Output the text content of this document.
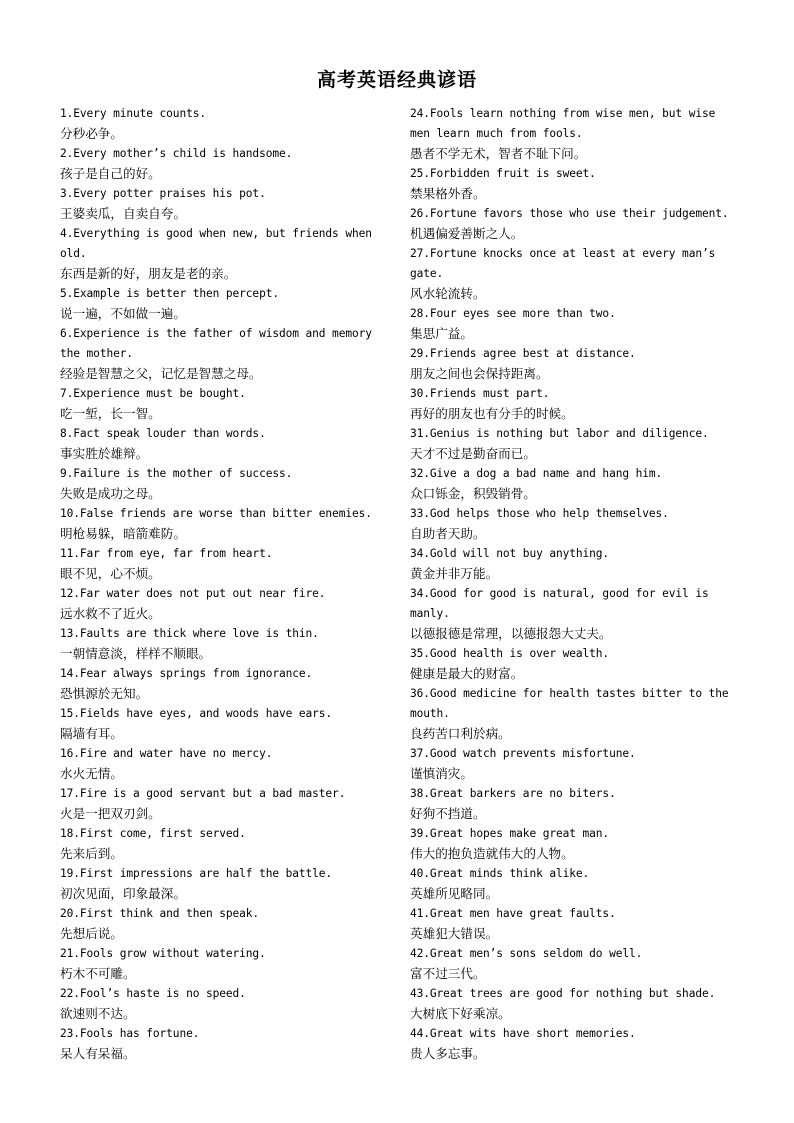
高考英语经典谚语
1.Every minute counts.
分秒必争。
2.Every mother’s child is handsome.
孩子是自己的好。
3.Every potter praises his pot.
王婆卖瓜，自卖自夸。
4.Everything is good when new, but friends when old.
东西是新的好，朋友是老的亲。
5.Example is better then percept.
说一遍，不如做一遍。
6.Experience is the father of wisdom and memory the mother.
经验是智慧之父，记忆是智慧之母。
7.Experience must be bought.
吃一堑，长一智。
8.Fact speak louder than words.
事实胜於雄辩。
9.Failure is the mother of success.
失败是成功之母。
10.False friends are worse than bitter enemies.
明枪易躲，暗箭难防。
11.Far from eye, far from heart.
眼不见，心不烦。
12.Far water does not put out near fire.
远水救不了近火。
13.Faults are thick where love is thin.
一朝情意淡，样样不顺眼。
14.Fear always springs from ignorance.
恐惧源於无知。
15.Fields have eyes, and woods have ears.
隔墙有耳。
16.Fire and water have no mercy.
水火无情。
17.Fire is a good servant but a bad master.
火是一把双刃剑。
18.First come, first served.
先来后到。
19.First impressions are half the battle.
初次见面，印象最深。
20.First think and then speak.
先想后说。
21.Fools grow without watering.
朽木不可雕。
22.Fool’s haste is no speed.
欲速则不达。
23.Fools has fortune.
呆人有呆福。
24.Fools learn nothing from wise men, but wise men learn much from fools.
愚者不学无术，智者不耻下问。
25.Forbidden fruit is sweet.
禁果格外香。
26.Fortune favors those who use their judgement.
机遇偏爱善断之人。
27.Fortune knocks once at least at every man’s gate.
风水轮流转。
28.Four eyes see more than two.
集思广益。
29.Friends agree best at distance.
朋友之间也会保持距离。
30.Friends must part.
再好的朋友也有分手的时候。
31.Genius is nothing but labor and diligence.
天才不过是勤奋而已。
32.Give a dog a bad name and hang him.
众口铄金，积毁销骨。
33.God helps those who help themselves.
自助者天助。
34.Gold will not buy anything.
黄金并非万能。
34.Good for good is natural, good for evil is manly.
以德报德是常理，以德报怨大丈夫。
35.Good health is over wealth.
健康是最大的财富。
36.Good medicine for health tastes bitter to the mouth.
良药苦口利於病。
37.Good watch prevents misfortune.
谨慎消灾。
38.Great barkers are no biters.
好狗不挡道。
39.Great hopes make great man.
伟大的抱负造就伟大的人物。
40.Great minds think alike.
英雄所见略同。
41.Great men have great faults.
英雄犯大错误。
42.Great men’s sons seldom do well.
富不过三代。
43.Great trees are good for nothing but shade.
大树底下好乘凉。
44.Great wits have short memories.
贵人多忘事。
